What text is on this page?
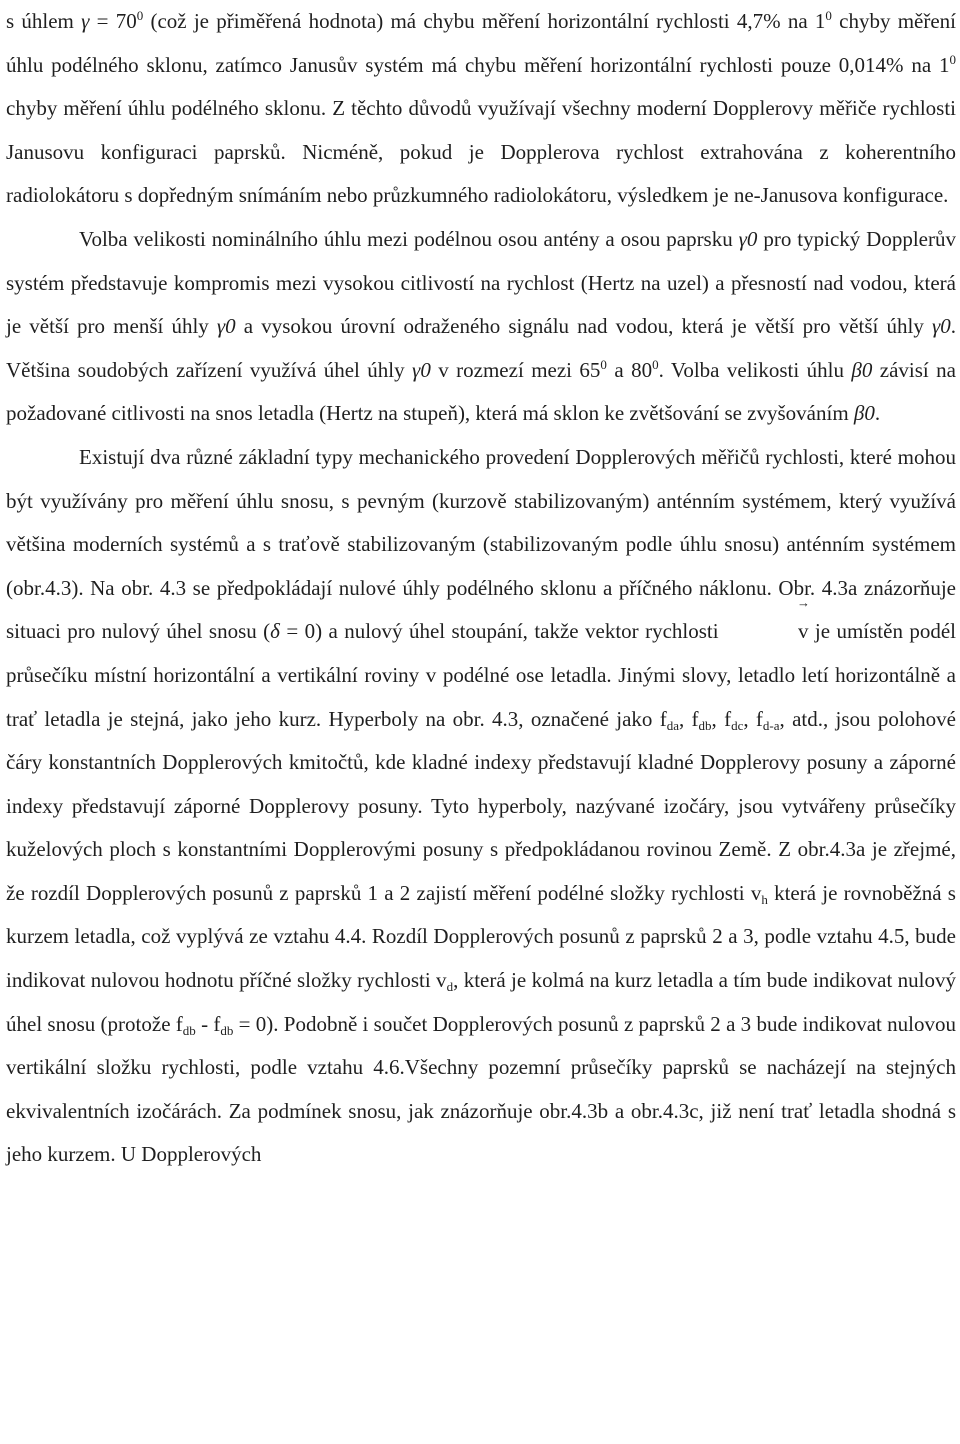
s úhlem $\gamma = 70^0$ (což je přiměřená hodnota) má chybu měření horizontální rychlosti 4,7% na $1^0$ chyby měření úhlu podélného sklonu, zatímco Janusův systém má chybu měření horizontální rychlosti pouze 0,014% na $1^0$ chyby měření úhlu podélného sklonu. Z těchto důvodů využívají všechny moderní Dopplerovy měřiče rychlosti Janusovu konfiguraci paprsků. Nicméně, pokud je Dopplerova rychlost extrahována z koherentního radiolokátoru s dopředným snímáním nebo průzkumného radiolokátoru, výsledkem je ne-Janusova konfigurace.

Volba velikosti nominálního úhlu mezi podélnou osou antény a osou paprsku γ0 pro typický Dopplerův systém představuje kompromis mezi vysokou citlivostí na rychlost (Hertz na uzel) a přesností nad vodou, která je větší pro menší úhly γ0 a vysokou úrovní odraženého signálu nad vodou, která je větší pro větší úhly γ0. Většina soudobých zařízení využívá úhel úhly γ0 v rozmezí mezi $65^0$ a $80^0$. Volba velikosti úhlu β0 závisí na požadované citlivosti na snos letadla (Hertz na stupeň), která má sklon ke zvětšování se zvyšováním β0.

Existují dva různé základní typy mechanického provedení Dopplerových měřičů rychlosti, které mohou být využívány pro měření úhlu snosu, s pevným (kurzově stabilizovaným) anténním systémem, který využívá většina moderních systémů a s traťově stabilizovaným (stabilizovaným podle úhlu snosu) anténním systémem (obr.4.3). Na obr. 4.3 se předpokládají nulové úhly podélného sklonu a příčného náklonu. Obr. 4.3a znázorňuje situaci pro nulový úhel snosu (δ = 0) a nulový úhel stoupání, takže vektor rychlosti →	v je umístěn podél průsečíku místní horizontální a vertikální roviny v podélné ose letadla. Jinými slovy, letadlo letí horizontálně a trať letadla je stejná, jako jeho kurz. Hyperboly na obr. 4.3, označené jako $f_{da}$, $f_{db}$, $f_{dc}$, $f_{d-a}$, atd., jsou polohové čáry konstantních Dopplerových kmitočtů, kde kladné indexy představují kladné Dopplerovy posuny a záporné indexy představují záporné Dopplerovy posuny. Tyto hyperboly, nazývané izočáry, jsou vytvářeny průsečíky kuželových ploch s konstantními Dopplerovými posuny s předpokládanou rovinou Země. Z obr.4.3a je zřejmé, že rozdíl Dopplerových posunů z paprsků 1 a 2 zajistí měření podélné složky rychlosti $v_h$ která je rovnoběžná s kurzem letadla, což vyplývá ze vztahu 4.4. Rozdíl Dopplerových posunů z paprsků 2 a 3, podle vztahu 4.5, bude indikovat nulovou hodnotu příčné složky rychlosti $v_d$, která je kolmá na kurz letadla a tím bude indikovat nulový úhel snosu (protože $f_{db} - f_{db} = 0$). Podobně i součet Dopplerových posunů z paprsků 2 a 3 bude indikovat nulovou vertikální složku rychlosti, podle vztahu 4.6.Všechny pozemní průsečíky paprsků se nacházejí na stejných ekvivalentních izočárách. Za podmínek snosu, jak znázorňuje obr.4.3b a obr.4.3c, již není trať letadla shodná s jeho kurzem. U Dopplerových
